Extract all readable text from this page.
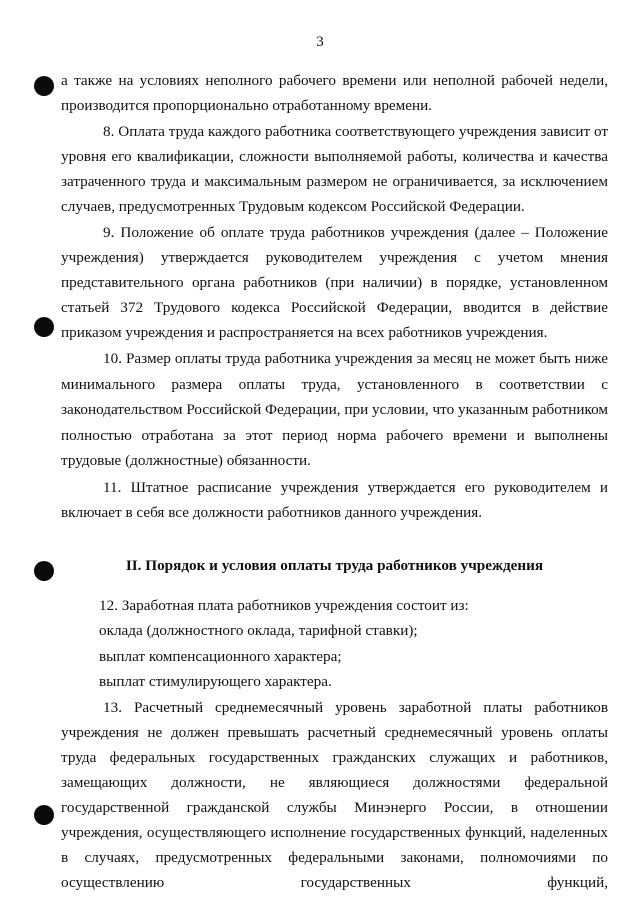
3

а также на условиях неполного рабочего времени или неполной рабочей недели, производится пропорционально отработанному времени.

8. Оплата труда каждого работника соответствующего учреждения зависит от уровня его квалификации, сложности выполняемой работы, количества и качества затраченного труда и максимальным размером не ограничивается, за исключением случаев, предусмотренных Трудовым кодексом Российской Федерации.

9. Положение об оплате труда работников учреждения (далее – Положение учреждения) утверждается руководителем учреждения с учетом мнения представительного органа работников (при наличии) в порядке, установленном статьей 372 Трудового кодекса Российской Федерации, вводится в действие приказом учреждения и распространяется на всех работников учреждения.

10. Размер оплаты труда работника учреждения за месяц не может быть ниже минимального размера оплаты труда, установленного в соответствии с законодательством Российской Федерации, при условии, что указанным работником полностью отработана за этот период норма рабочего времени и выполнены трудовые (должностные) обязанности.

11. Штатное расписание учреждения утверждается его руководителем и включает в себя все должности работников данного учреждения.

II. Порядок и условия оплаты труда работников учреждения

12. Заработная плата работников учреждения состоит из:

оклада (должностного оклада, тарифной ставки);

выплат компенсационного характера;

выплат стимулирующего характера.

13. Расчетный среднемесячный уровень заработной платы работников учреждения не должен превышать расчетный среднемесячный уровень оплаты труда федеральных государственных гражданских служащих и работников, замещающих должности, не являющиеся должностями федеральной государственной гражданской службы Минэнерго России, в отношении учреждения, осуществляющего исполнение государственных функций, наделенных в случаях, предусмотренных федеральными законами, полномочиями по осуществлению государственных функций,
